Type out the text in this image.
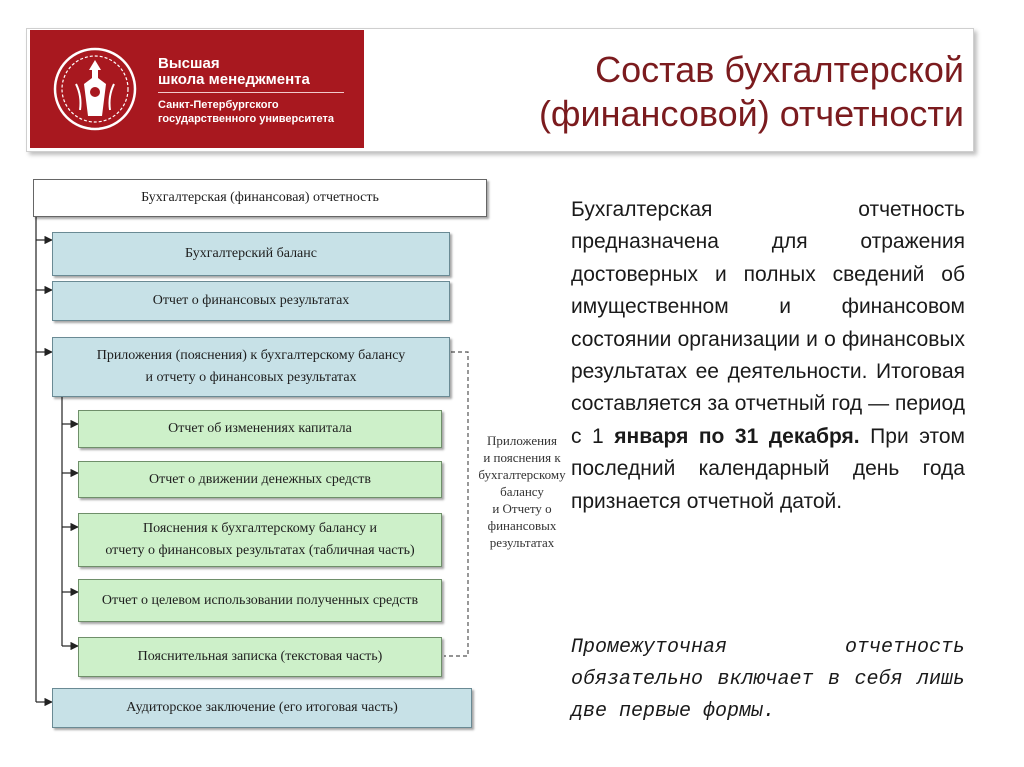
Высшая
школа менеджмента
Санкт-Петербургского
государственного университета
Состав бухгалтерской
(финансовой) отчетности
Бухгалтерская (финансовая) отчетность
Бухгалтерский баланс
Отчет о финансовых результатах
Приложения (пояснения) к бухгалтерскому балансу
и отчету о финансовых результатах
Отчет об изменениях капитала
Отчет о движении денежных средств
Пояснения к бухгалтерскому балансу и
отчету о финансовых результатах (табличная часть)
Отчет о целевом использовании полученных средств
Пояснительная записка (текстовая часть)
Аудиторское заключение (его итоговая часть)
Приложения
и пояснения к
бухгалтерскому
балансу
и Отчету о
финансовых
результатах
Бухгалтерская отчетность предназначена для отражения достоверных и полных сведений об имущественном и финансовом состоянии организации и о финансовых результатах ее деятельности. Итоговая составляется за отчетный год — период с 1 января по 31 декабря. При этом последний календарный день года признается отчетной датой.
Промежуточная отчетность обязательно включает в себя лишь две первые формы.
